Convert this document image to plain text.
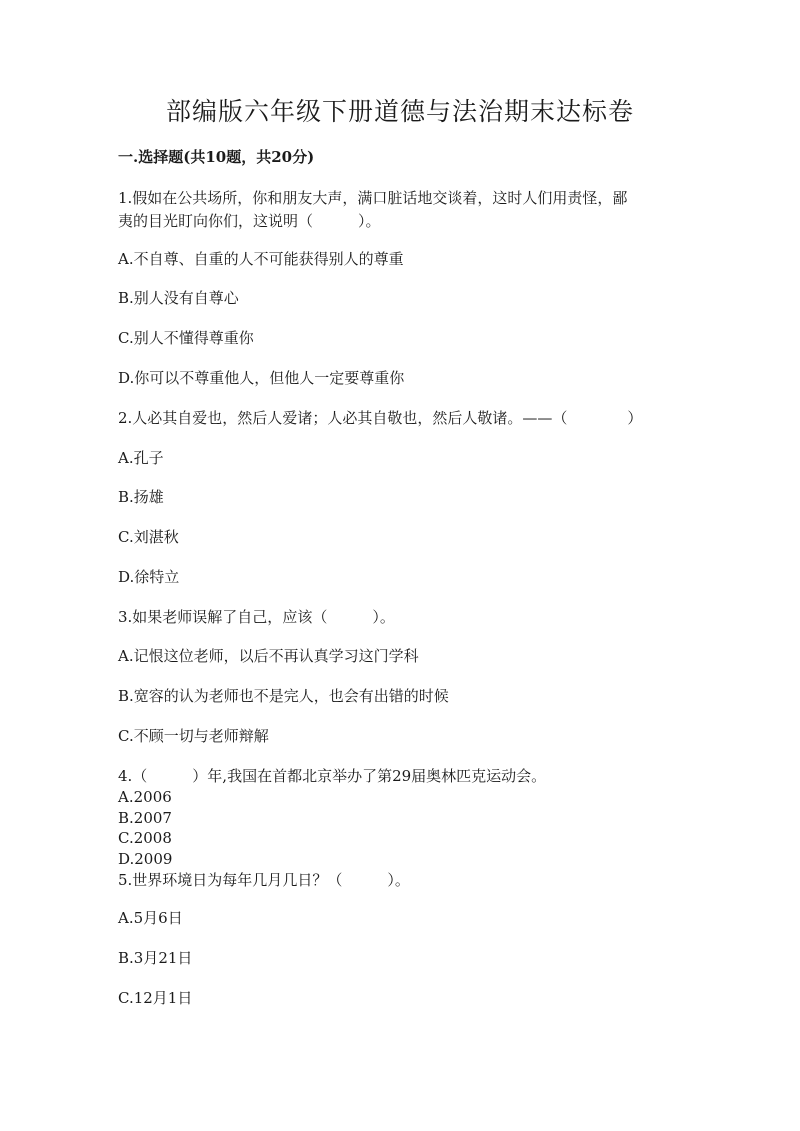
部编版六年级下册道德与法治期末达标卷
一.选择题(共10题，共20分)
1.假如在公共场所，你和朋友大声，满口脏话地交谈着，这时人们用责怪，鄙
夷的目光盯向你们，这说明（　　　）。
A.不自尊、自重的人不可能获得别人的尊重
B.别人没有自尊心
C.别人不懂得尊重你
D.你可以不尊重他人，但他人一定要尊重你
2.人必其自爱也，然后人爱诸；人必其自敬也，然后人敬诸。——（　　　　）
A.孔子
B.扬雄
C.刘湛秋
D.徐特立
3.如果老师误解了自己，应该（　　　）。
A.记恨这位老师，以后不再认真学习这门学科
B.宽容的认为老师也不是完人，也会有出错的时候
C.不顾一切与老师辩解
4.（　　　）年,我国在首都北京举办了第29届奥林匹克运动会。
A.2006
B.2007
C.2008
D.2009
5.世界环境日为每年几月几日？（　　　）。
A.5月6日
B.3月21日
C.12月1日
